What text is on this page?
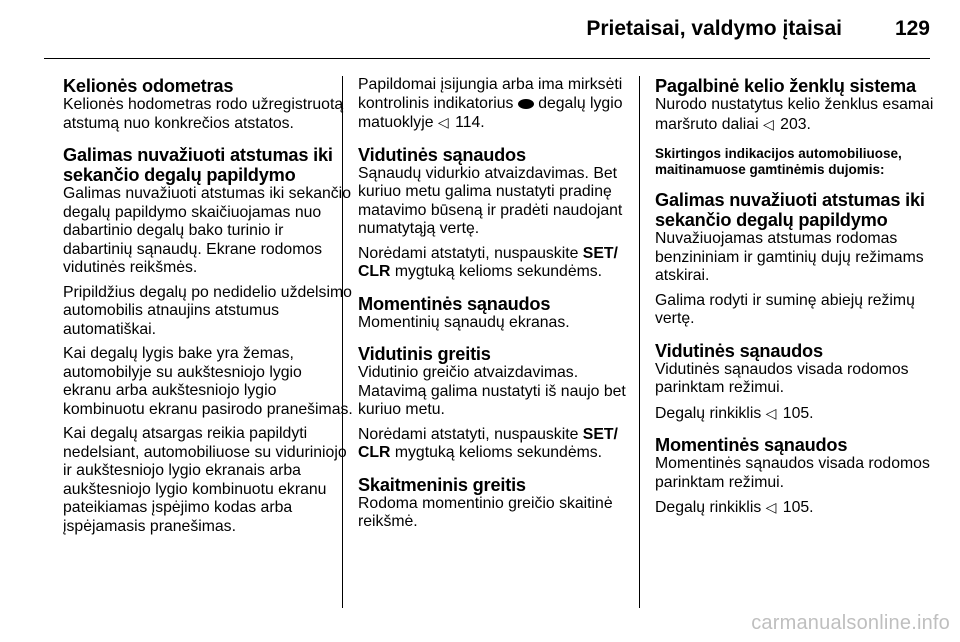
Prietaisai, valdymo įtaisai	129
Kelionės odometras

Kelionės hodometras rodo užregistruotą atstumą nuo konkrečios atstatos.

Galimas nuvažiuoti atstumas iki sekančio degalų papildymo

Galimas nuvažiuoti atstumas iki sekančio degalų papildymo skaičiuojamas nuo dabartinio degalų bako turinio ir dabartinių sąnaudų. Ekrane rodomos vidutinės reikšmės.

Pripildžius degalų po nedidelio uždelsimo automobilis atnaujins atstumus automatiškai.

Kai degalų lygis bake yra žemas, automobilyje su aukštesniojo lygio ekranu arba aukštesniojo lygio kombinuotu ekranu pasirodo pranešimas.

Kai degalų atsargas reikia papildyti nedelsiant, automobiliuose su viduriniojo ir aukštesniojo lygio ekranais arba aukštesniojo lygio kombinuotu ekranu pateikiamas įspėjimo kodas arba įspėjamasis pranešimas.

Papildomai įsijungia arba ima mirksėti kontrolinis indikatorius  degalų lygio matuoklyje ◁ 114.

Vidutinės sąnaudos

Sąnaudų vidurkio atvaizdavimas. Bet kuriuo metu galima nustatyti pradinę matavimo būseną ir pradėti naudojant numatytąją vertę.

Norėdami atstatyti, nuspauskite SET/ CLR mygtuką kelioms sekundėms.

Momentinės sąnaudos

Momentinių sąnaudų ekranas.

Vidutinis greitis

Vidutinio greičio atvaizdavimas. Matavimą galima nustatyti iš naujo bet kuriuo metu.

Norėdami atstatyti, nuspauskite SET/ CLR mygtuką kelioms sekundėms.

Skaitmeninis greitis

Rodoma momentinio greičio skaitinė reikšmė.

Pagalbinė kelio ženklų sistema

Nurodo nustatytus kelio ženklus esamai maršruto daliai ◁ 203.

Skirtingos indikacijos automobiliuose, maitinamuose gamtinėmis dujomis:
Galimas nuvažiuoti atstumas iki sekančio degalų papildymo

Nuvažiuojamas atstumas rodomas benzininiam ir gamtinių dujų režimams atskirai.

Galima rodyti ir suminę abiejų režimų vertę.

Vidutinės sąnaudos

Vidutinės sąnaudos visada rodomos parinktam režimui.

Degalų rinkiklis ◁ 105.

Momentinės sąnaudos

Momentinės sąnaudos visada rodomos parinktam režimui.

Degalų rinkiklis ◁ 105.

carmanualsonline.info
